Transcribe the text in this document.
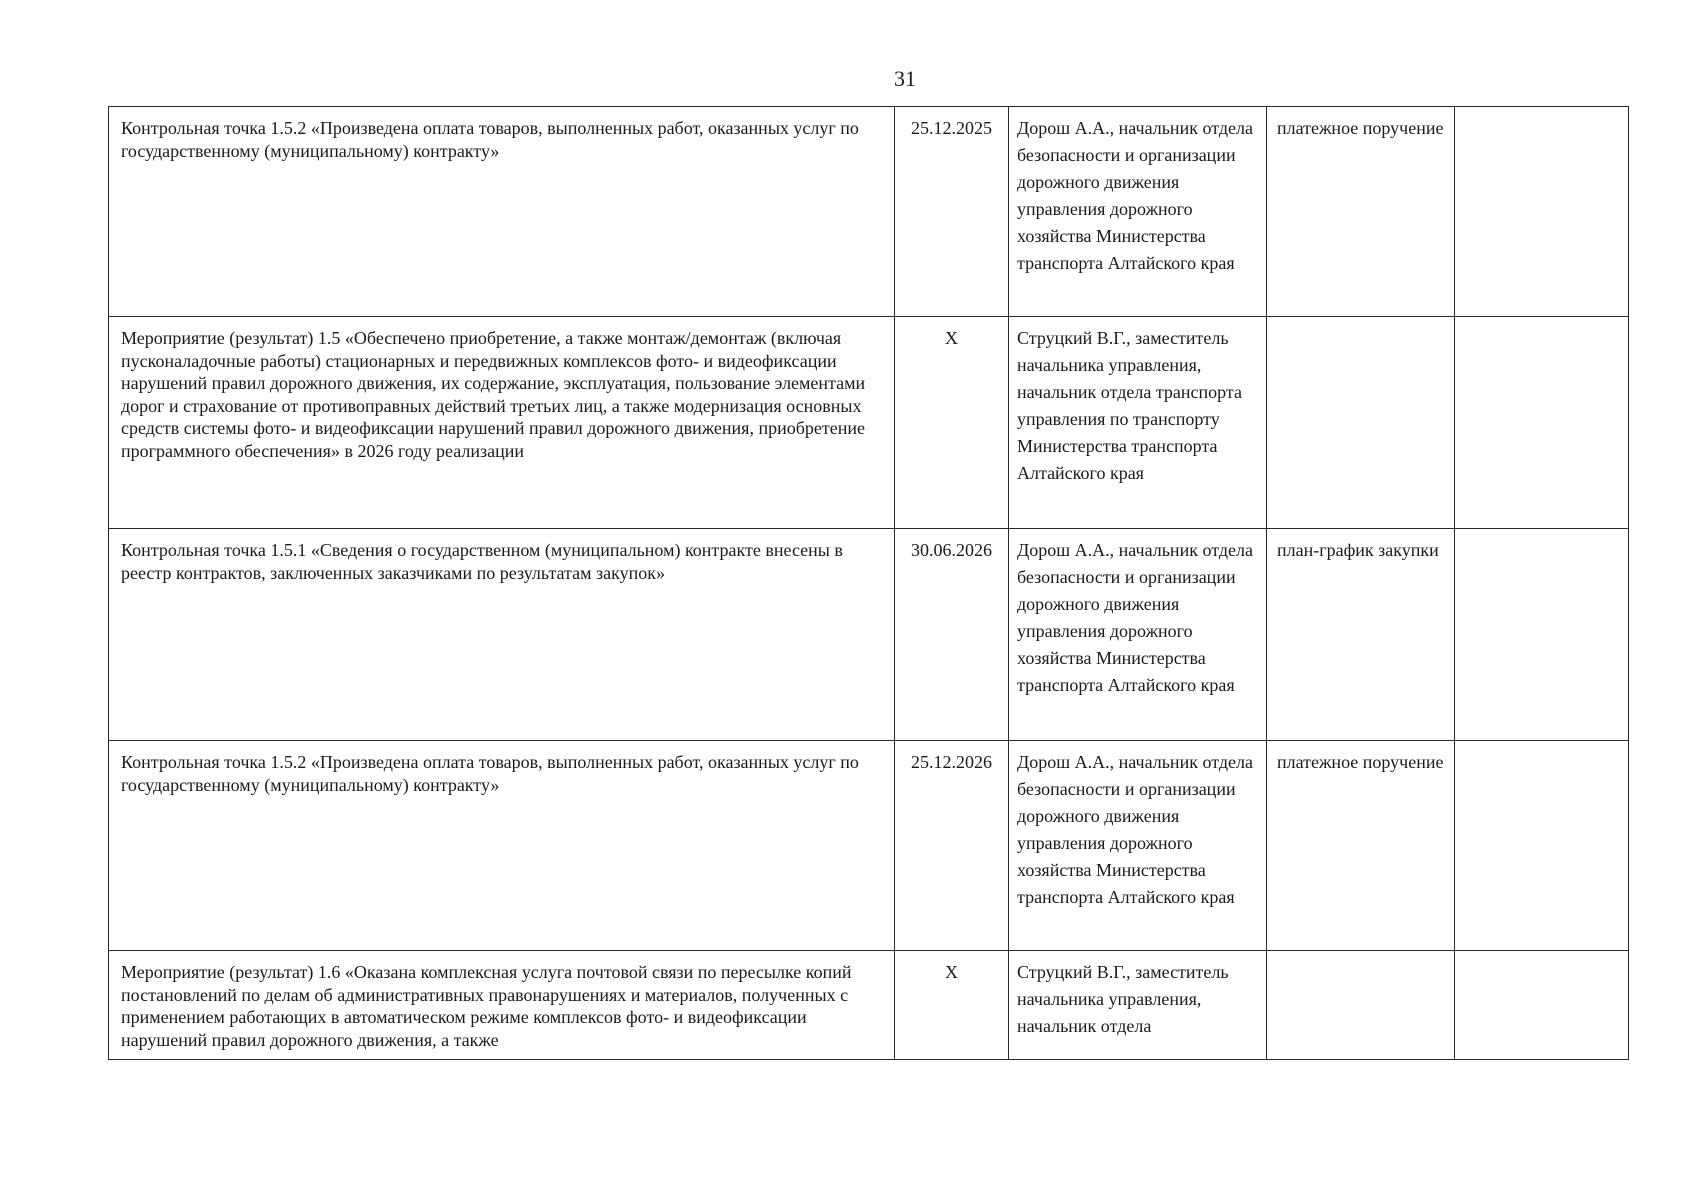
31
Контрольная точка 1.5.2 «Произведена оплата товаров, выполненных работ, оказанных услуг по государственному (муниципальному) контракту»	25.12.2025	Дорош А.А., начальник отдела безопасности и организации дорожного движения управления дорожного хозяйства Министерства транспорта Алтайского края	платежное поручение	
Мероприятие (результат) 1.5 «Обеспечено приобретение, а также монтаж/демонтаж (включая пусконаладочные работы) стационарных и передвижных комплексов фото- и видеофиксации нарушений правил дорожного движения, их содержание, эксплуатация, пользование элементами дорог и страхование от противоправных действий третьих лиц, а также модернизация основных средств системы фото- и видеофиксации нарушений правил дорожного движения, приобретение программного обеспечения» в 2026 году реализации	X	Струцкий В.Г., заместитель начальника управления, начальник отдела транспорта управления по транспорту Министерства транспорта Алтайского края		
Контрольная точка 1.5.1 «Сведения о государственном (муниципальном) контракте внесены в реестр контрактов, заключенных заказчиками по результатам закупок»	30.06.2026	Дорош А.А., начальник отдела безопасности и организации дорожного движения управления дорожного хозяйства Министерства транспорта Алтайского края	план-график закупки	
Контрольная точка 1.5.2 «Произведена оплата товаров, выполненных работ, оказанных услуг по государственному (муниципальному) контракту»	25.12.2026	Дорош А.А., начальник отдела безопасности и организации дорожного движения управления дорожного хозяйства Министерства транспорта Алтайского края	платежное поручение	
Мероприятие (результат) 1.6 «Оказана комплексная услуга почтовой связи по пересылке копий постановлений по делам об административных правонарушениях и материалов, полученных с применением работающих в автоматическом режиме комплексов фото- и видеофиксации нарушений правил дорожного движения, а также	X	Струцкий В.Г., заместитель начальника управления, начальник отдела		
